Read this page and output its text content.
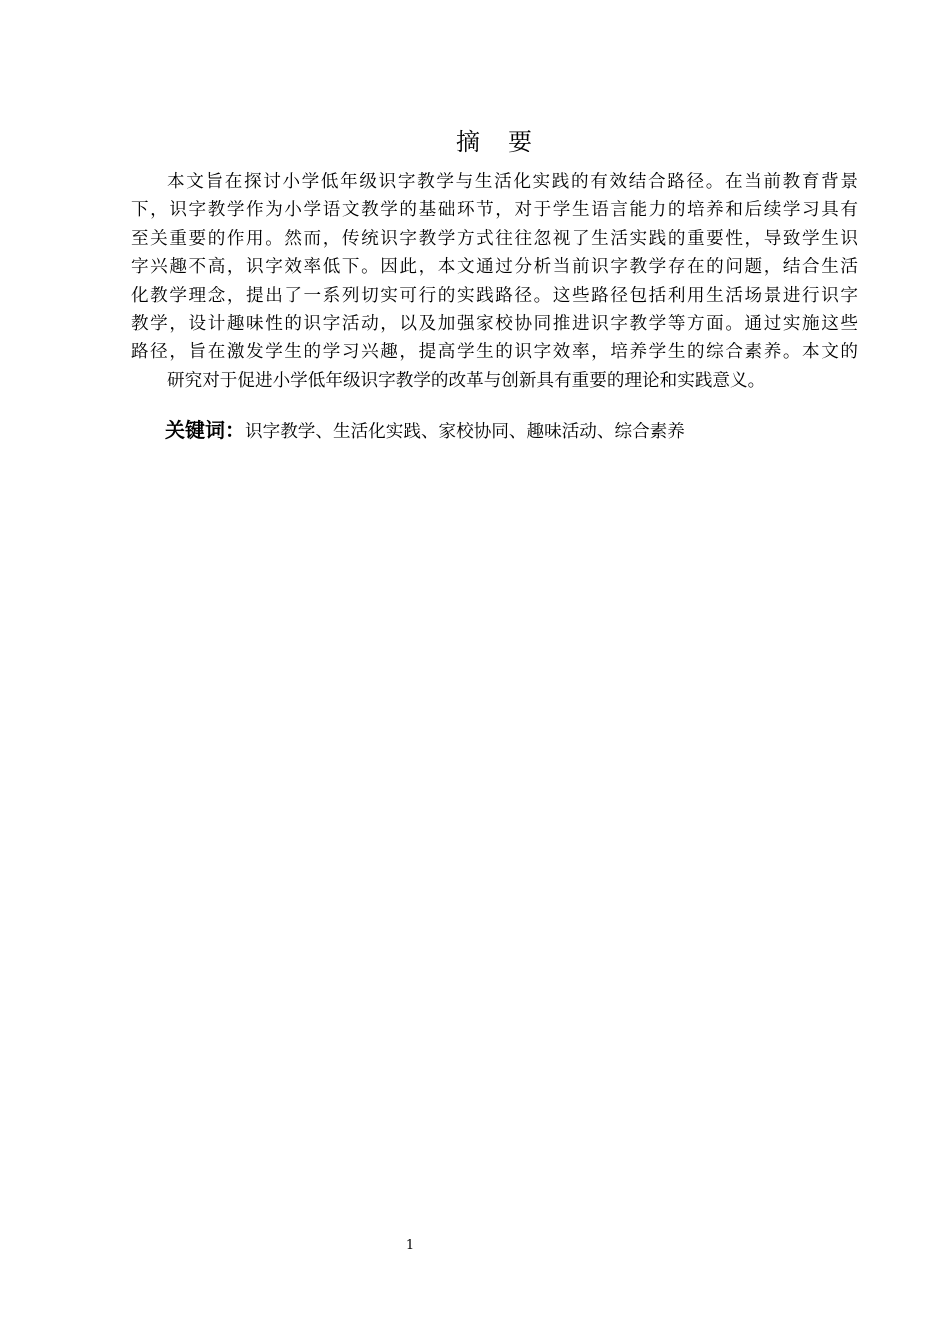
摘　要

本文旨在探讨小学低年级识字教学与生活化实践的有效结合路径。在当前教育背景
下，识字教学作为小学语文教学的基础环节，对于学生语言能力的培养和后续学习具有
至关重要的作用。然而，传统识字教学方式往往忽视了生活实践的重要性，导致学生识
字兴趣不高，识字效率低下。因此，本文通过分析当前识字教学存在的问题，结合生活
化教学理念，提出了一系列切实可行的实践路径。这些路径包括利用生活场景进行识字
教学，设计趣味性的识字活动，以及加强家校协同推进识字教学等方面。通过实施这些
路径，旨在激发学生的学习兴趣，提高学生的识字效率，培养学生的综合素养。本文的
研究对于促进小学低年级识字教学的改革与创新具有重要的理论和实践意义。

关键词：识字教学、生活化实践、家校协同、趣味活动、综合素养
1
